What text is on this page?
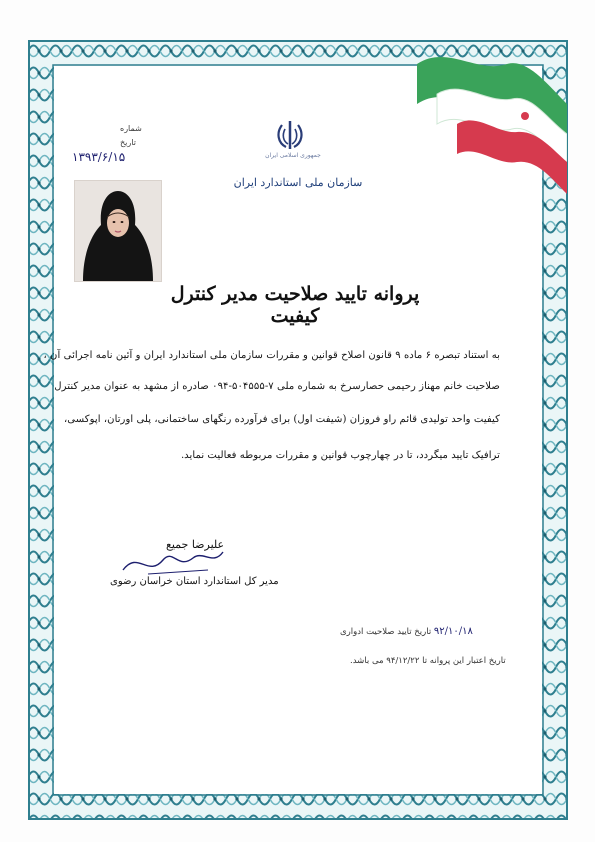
جمهوری اسلامی ایران
سازمان ملی استاندارد ایران
شماره
تاریخ
۱۳۹۳/۶/۱۵
پروانه تایید صلاحیت مدیر کنترل کیفیت
به استناد تبصره ۶ ماده ۹ قانون اصلاح قوانین و مقررات سازمان ملی استاندارد ایران و آئین نامه اجرائی آن ،
صلاحیت خانم مهناز رحیمی حصارسرخ به شماره ملی ۷-۵۰۴۵۵۵-۰۹۴ صادره از مشهد به عنوان مدیر کنترل
کیفیت واحد تولیدی قائم راو فروزان (شیفت اول) برای فرآورده رنگهای ساختمانی، پلی اورتان، اپوکسی،
ترافیک تایید میگردد، تا در چهارچوب قوانین و مقررات مربوطه فعالیت نماید.
علیرضا جمیع
مدیر کل استاندارد استان خراسان رضوی
۹۲/۱۰/۱۸ تاریخ تایید صلاحیت ادواری
تاریخ اعتبار این پروانه تا ۹۴/۱۲/۲۲ می باشد.
